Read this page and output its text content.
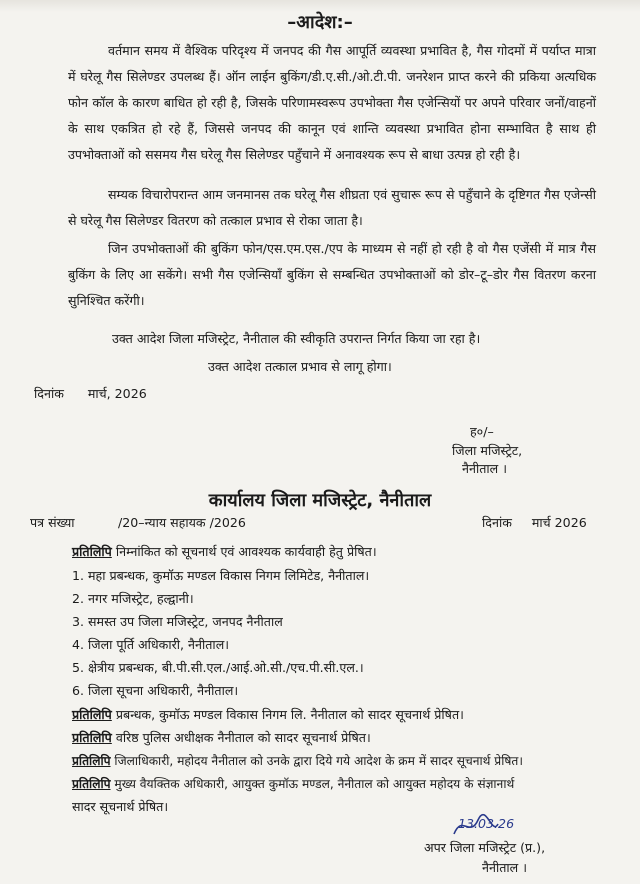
–आदेश:–
वर्तमान समय में वैश्विक परिदृश्य में जनपद की गैस आपूर्ति व्यवस्था प्रभावित है, गैस गोदमों में पर्याप्त मात्रा में घरेलू गैस सिलेण्डर उपलब्ध हैं। ऑन लाईन बुकिंग/डी.ए.सी./ओ.टी.पी. जनरेशन प्राप्त करने की प्रकिया अत्यधिक फोन कॉल के कारण बाधित हो रही है, जिसके परिणामस्वरूप उपभोक्ता गैस एजेन्सियों पर अपने परिवार जनों/वाहनों के साथ एकत्रित हो रहे हैं, जिससे जनपद की कानून एवं शान्ति व्यवस्था प्रभावित होना सम्भावित है साथ ही उपभोक्ताओं को ससमय गैस घरेलू गैस सिलेण्डर पहुँचाने में अनावश्यक रूप से बाधा उत्पन्न हो रही है।
सम्यक विचारोपरान्त आम जनमानस तक घरेलू गैस शीघ्रता एवं सुचारू रूप से पहुँचाने के दृष्टिगत गैस एजेन्सी से घरेलू गैस सिलेण्डर वितरण को तत्काल प्रभाव से रोका जाता है।
जिन उपभोक्ताओं की बुकिंग फोन/एस.एम.एस./एप के माध्यम से नहीं हो रही है वो गैस एजेंसी में मात्र गैस बुकिंग के लिए आ सकेंगे। सभी गैस एजेन्सियाँ बुकिंग से सम्बन्धित उपभोक्ताओं को डोर–टू–डोर गैस वितरण करना सुनिश्चित करेंगी।
उक्त आदेश जिला मजिस्ट्रेट, नैनीताल की स्वीकृति उपरान्त निर्गत किया जा रहा है।
उक्त आदेश तत्काल प्रभाव से लागू होगा।
दिनांक मार्च, 2026
ह०/–
जिला मजिस्ट्रेट,
नैनीताल ।
कार्यालय जिला मजिस्ट्रेट, नैनीताल
पत्र संख्या	/20–न्याय सहायक /2026	दिनांक मार्च 2026
प्रतिलिपि निम्नांकित को सूचनार्थ एवं आवश्यक कार्यवाही हेतु प्रेषित।
1. महा प्रबन्धक, कुमॉऊ मण्डल विकास निगम लिमिटेड, नैनीताल।
2. नगर मजिस्ट्रेट, हल्द्वानी।
3. समस्त उप जिला मजिस्ट्रेट, जनपद नैनीताल
4. जिला पूर्ति अधिकारी, नैनीताल।
5. क्षेत्रीय प्रबन्धक, बी.पी.सी.एल./आई.ओ.सी./एच.पी.सी.एल.।
6. जिला सूचना अधिकारी, नैनीताल।
प्रतिलिपि प्रबन्धक, कुमॉऊ मण्डल विकास निगम लि. नैनीताल को सादर सूचनार्थ प्रेषित।
प्रतिलिपि वरिष्ठ पुलिस अधीक्षक नैनीताल को सादर सूचनार्थ प्रेषित।
प्रतिलिपि जिलाधिकारी, महोदय नैनीताल को उनके द्वारा दिये गये आदेश के क्रम में सादर सूचनार्थ प्रेषित।
प्रतिलिपि मुख्य वैयक्तिक अधिकारी, आयुक्त कुमॉऊ मण्डल, नैनीताल को आयुक्त महोदय के संज्ञानार्थ
सादर सूचनार्थ प्रेषित।
13.03.26
अपर जिला मजिस्ट्रेट (प्र.),
नैनीताल ।
